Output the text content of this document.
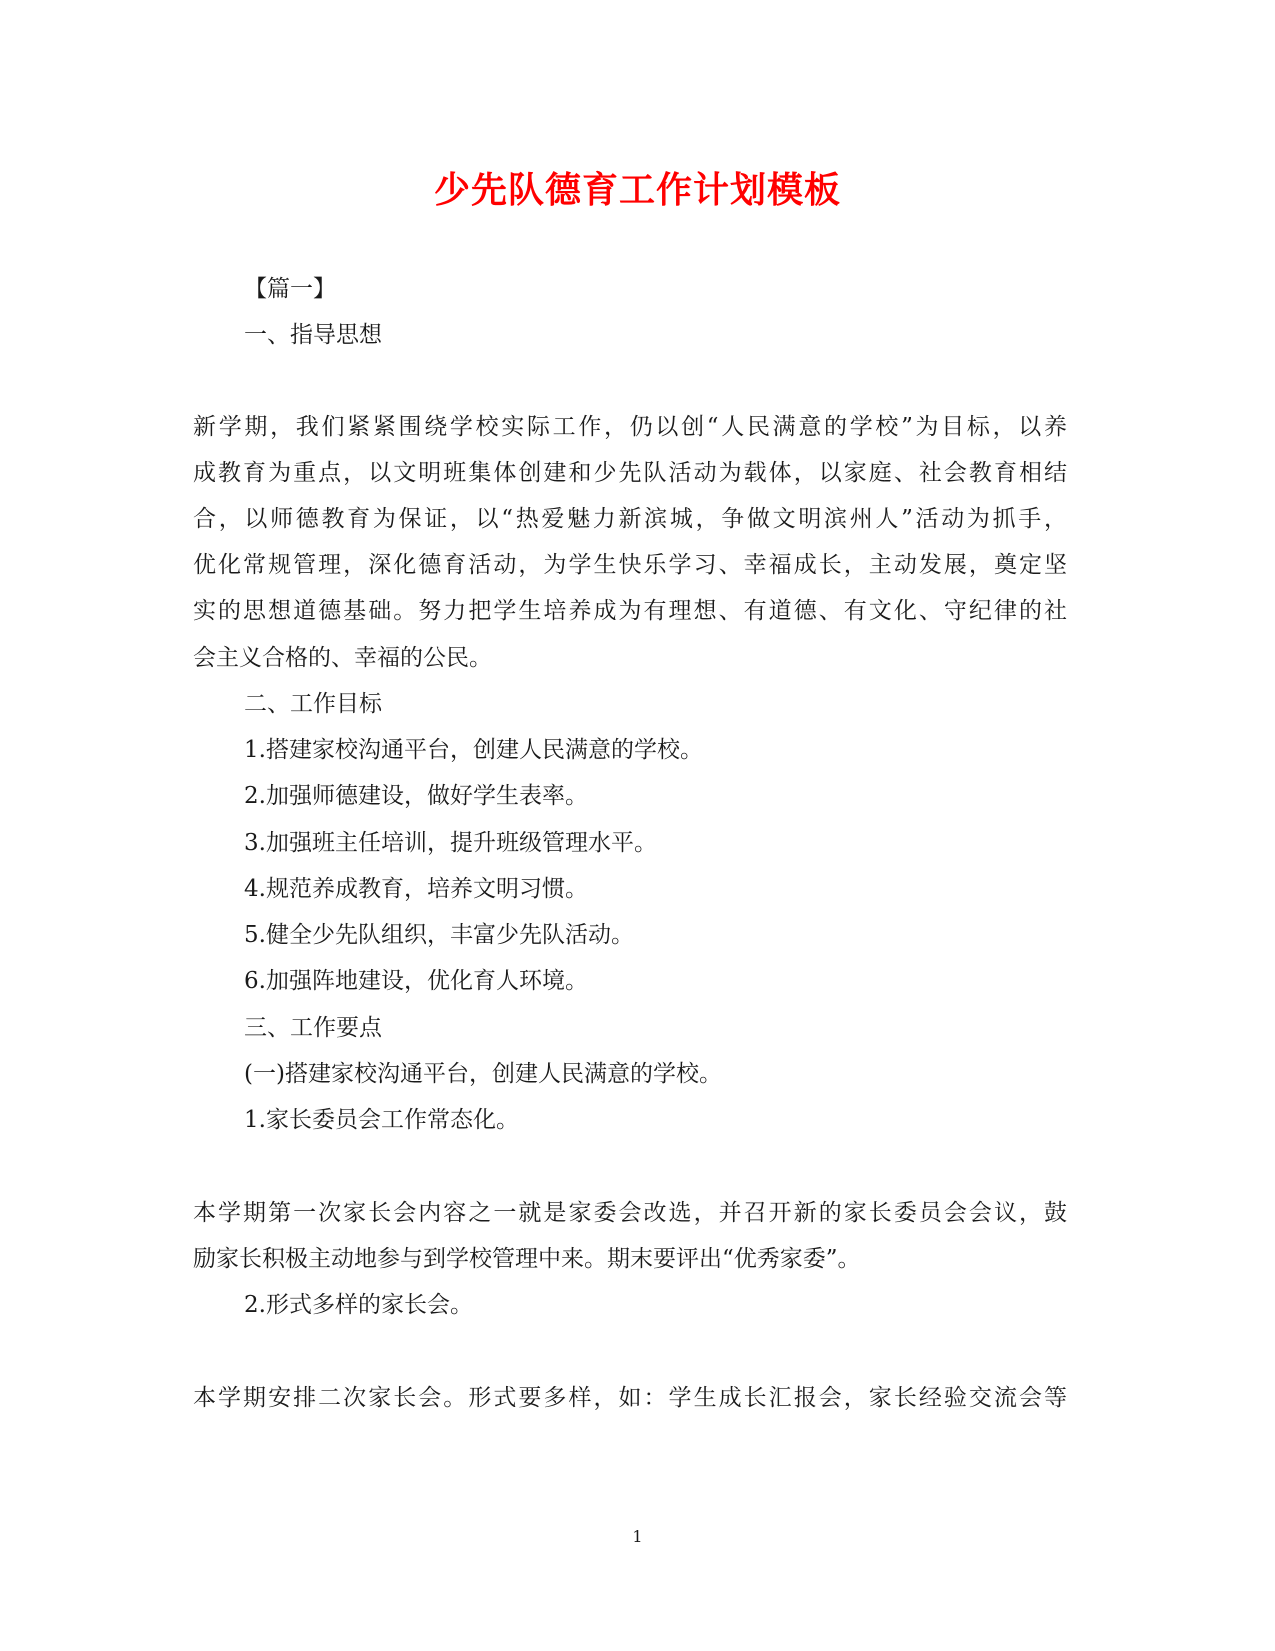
少先队德育工作计划模板

【篇一】

一、指导思想

新学期，我们紧紧围绕学校实际工作，仍以创“人民满意的学校”为目标，以养

成教育为重点，以文明班集体创建和少先队活动为载体，以家庭、社会教育相结

合，以师德教育为保证，以“热爱魅力新滨城，争做文明滨州人”活动为抓手，

优化常规管理，深化德育活动，为学生快乐学习、幸福成长，主动发展，奠定坚

实的思想道德基础。努力把学生培养成为有理想、有道德、有文化、守纪律的社

会主义合格的、幸福的公民。

二、工作目标

1.搭建家校沟通平台，创建人民满意的学校。

2.加强师德建设，做好学生表率。

3.加强班主任培训，提升班级管理水平。

4.规范养成教育，培养文明习惯。

5.健全少先队组织，丰富少先队活动。

6.加强阵地建设，优化育人环境。

三、工作要点

(一)搭建家校沟通平台，创建人民满意的学校。

1.家长委员会工作常态化。

本学期第一次家长会内容之一就是家委会改选，并召开新的家长委员会会议，鼓

励家长积极主动地参与到学校管理中来。期末要评出“优秀家委”。

2.形式多样的家长会。

本学期安排二次家长会。形式要多样，如：学生成长汇报会，家长经验交流会等

1
